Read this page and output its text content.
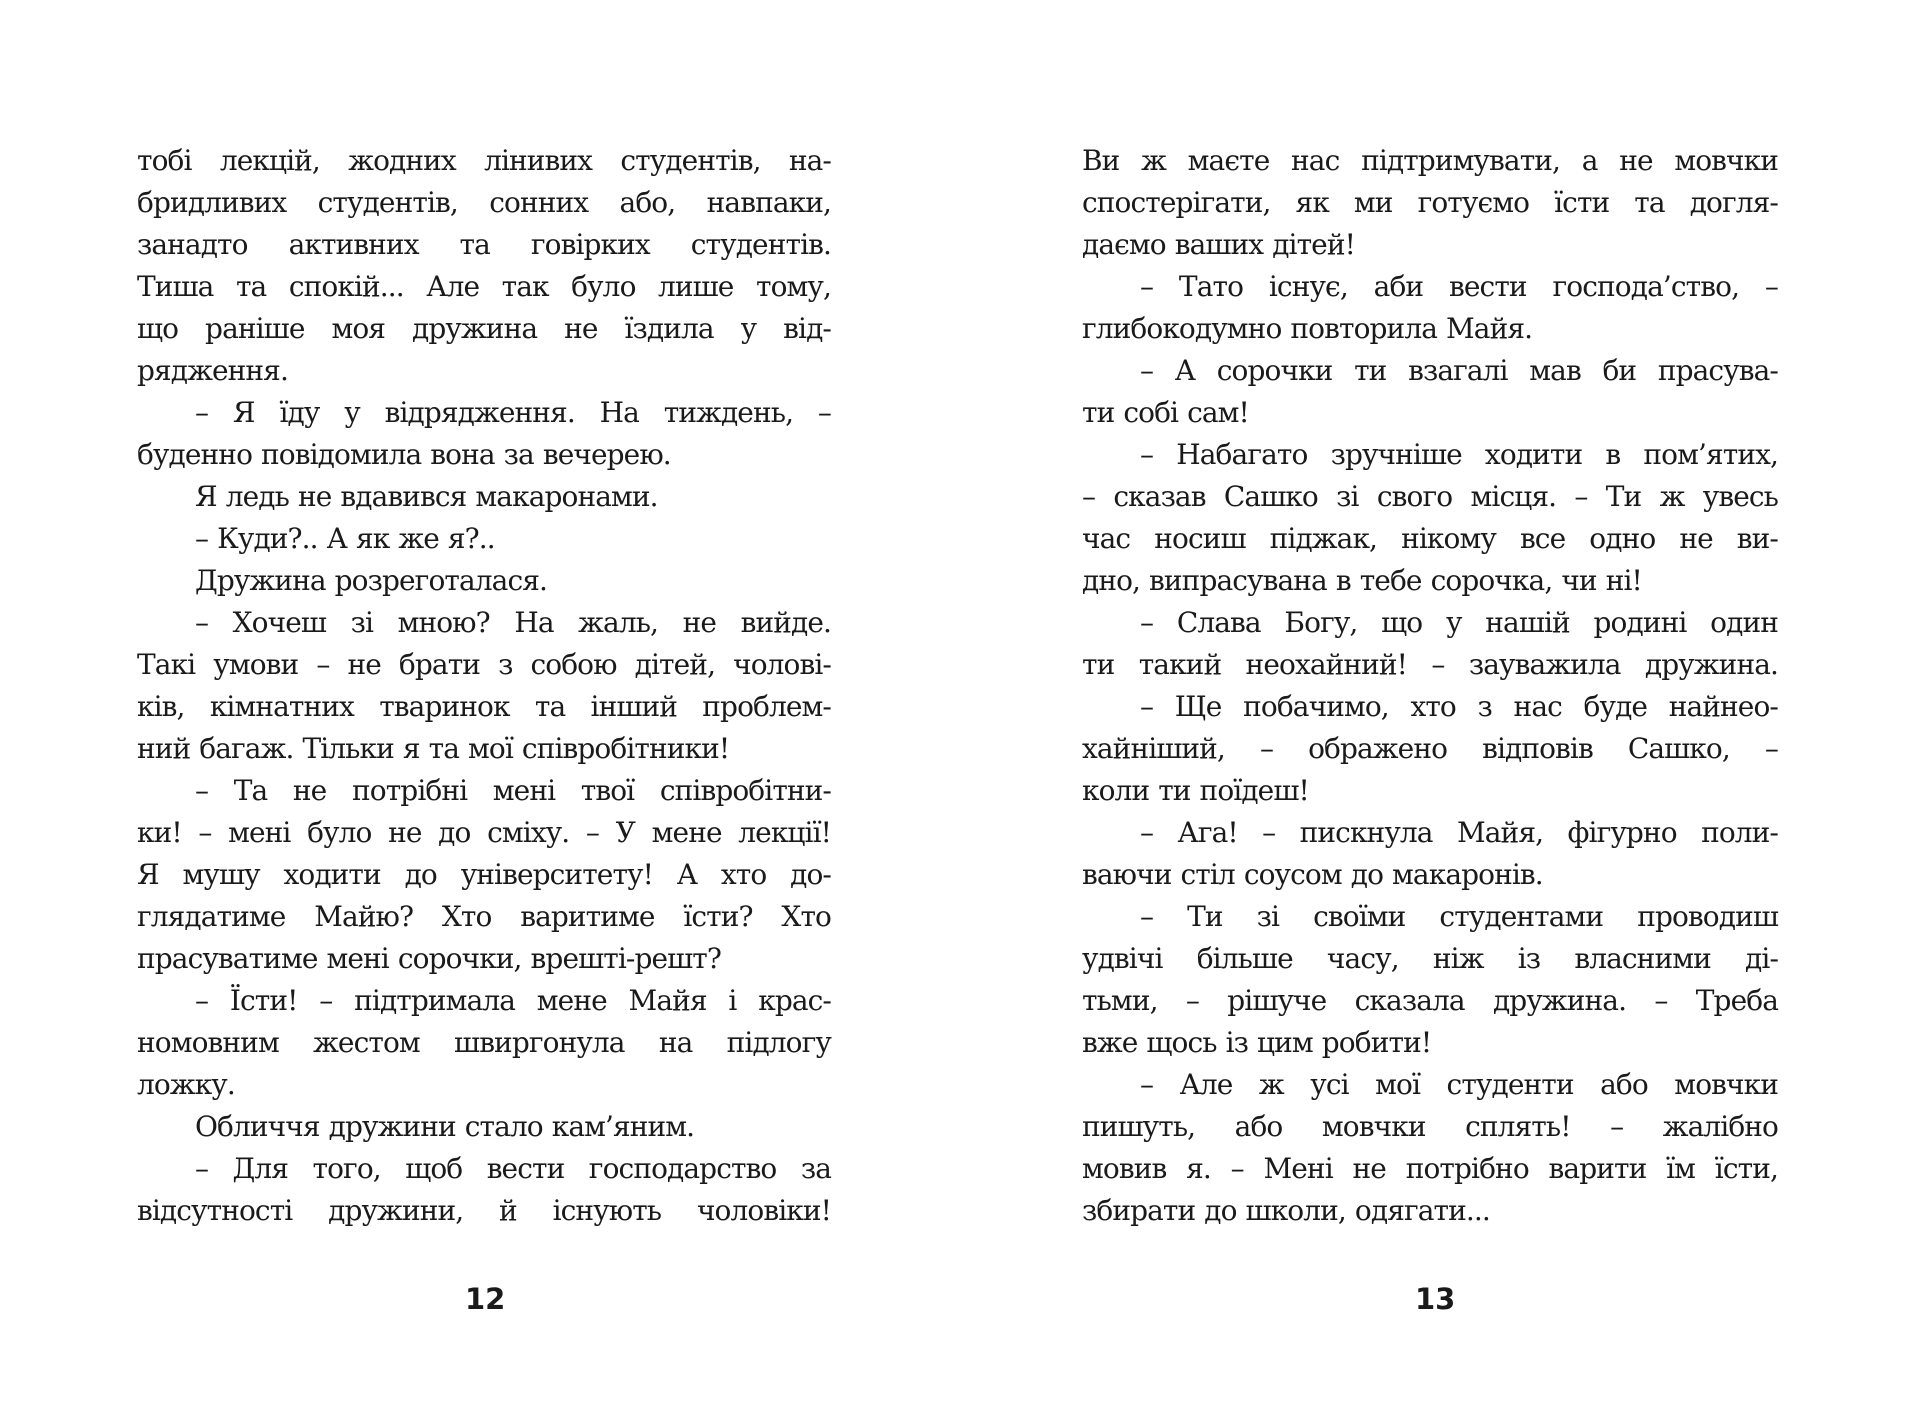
тобі лекцій, жодних лінивих студентів, на-
бридливих студентів, сонних або, навпаки,
занадто активних та говірких студентів.
Тиша та спокій... Але так було лише тому,
що раніше моя дружина не їздила у від-
рядження.
– Я їду у відрядження. На тиждень, –
буденно повідомила вона за вечерею.
Я ледь не вдавився макаронами.
– Куди?.. А як же я?..
Дружина розреготалася.
– Хочеш зі мною? На жаль, не вийде.
Такі умови – не брати з собою дітей, чолові-
ків, кімнатних тваринок та інший проблем-
ний багаж. Тільки я та мої співробітники!
– Та не потрібні мені твої співробітни-
ки! – мені було не до сміху. – У мене лекції!
Я мушу ходити до університету! А хто до-
глядатиме Майю? Хто варитиме їсти? Хто
прасуватиме мені сорочки, врешті-решт?
– Їсти! – підтримала мене Майя і крас-
номовним жестом швиргонула на підлогу
ложку.
Обличчя дружини стало кам’яним.
– Для того, щоб вести господарство за
відсутності дружини, й існують чоловіки!
12
Ви ж маєте нас підтримувати, а не мовчки
спостерігати, як ми готуємо їсти та догля-
даємо ваших дітей!
– Тато існує, аби вести господа’ство, –
глибокодумно повторила Майя.
– А сорочки ти взагалі мав би прасува-
ти собі сам!
– Набагато зручніше ходити в пом’ятих,
– сказав Сашко зі свого місця. – Ти ж увесь
час носиш піджак, нікому все одно не ви-
дно, випрасувана в тебе сорочка, чи ні!
– Слава Богу, що у нашій родині один
ти такий неохайний! – зауважила дружина.
– Ще побачимо, хто з нас буде найнео-
хайніший, – ображено відповів Сашко, –
коли ти поїдеш!
– Ага! – пискнула Майя, фігурно поли-
ваючи стіл соусом до макаронів.
– Ти зі своїми студентами проводиш
удвічі більше часу, ніж із власними ді-
тьми, – рішуче сказала дружина. – Треба
вже щось із цим робити!
– Але ж усі мої студенти або мовчки
пишуть, або мовчки сплять! – жалібно
мовив я. – Мені не потрібно варити їм їсти,
збирати до школи, одягати...
13
